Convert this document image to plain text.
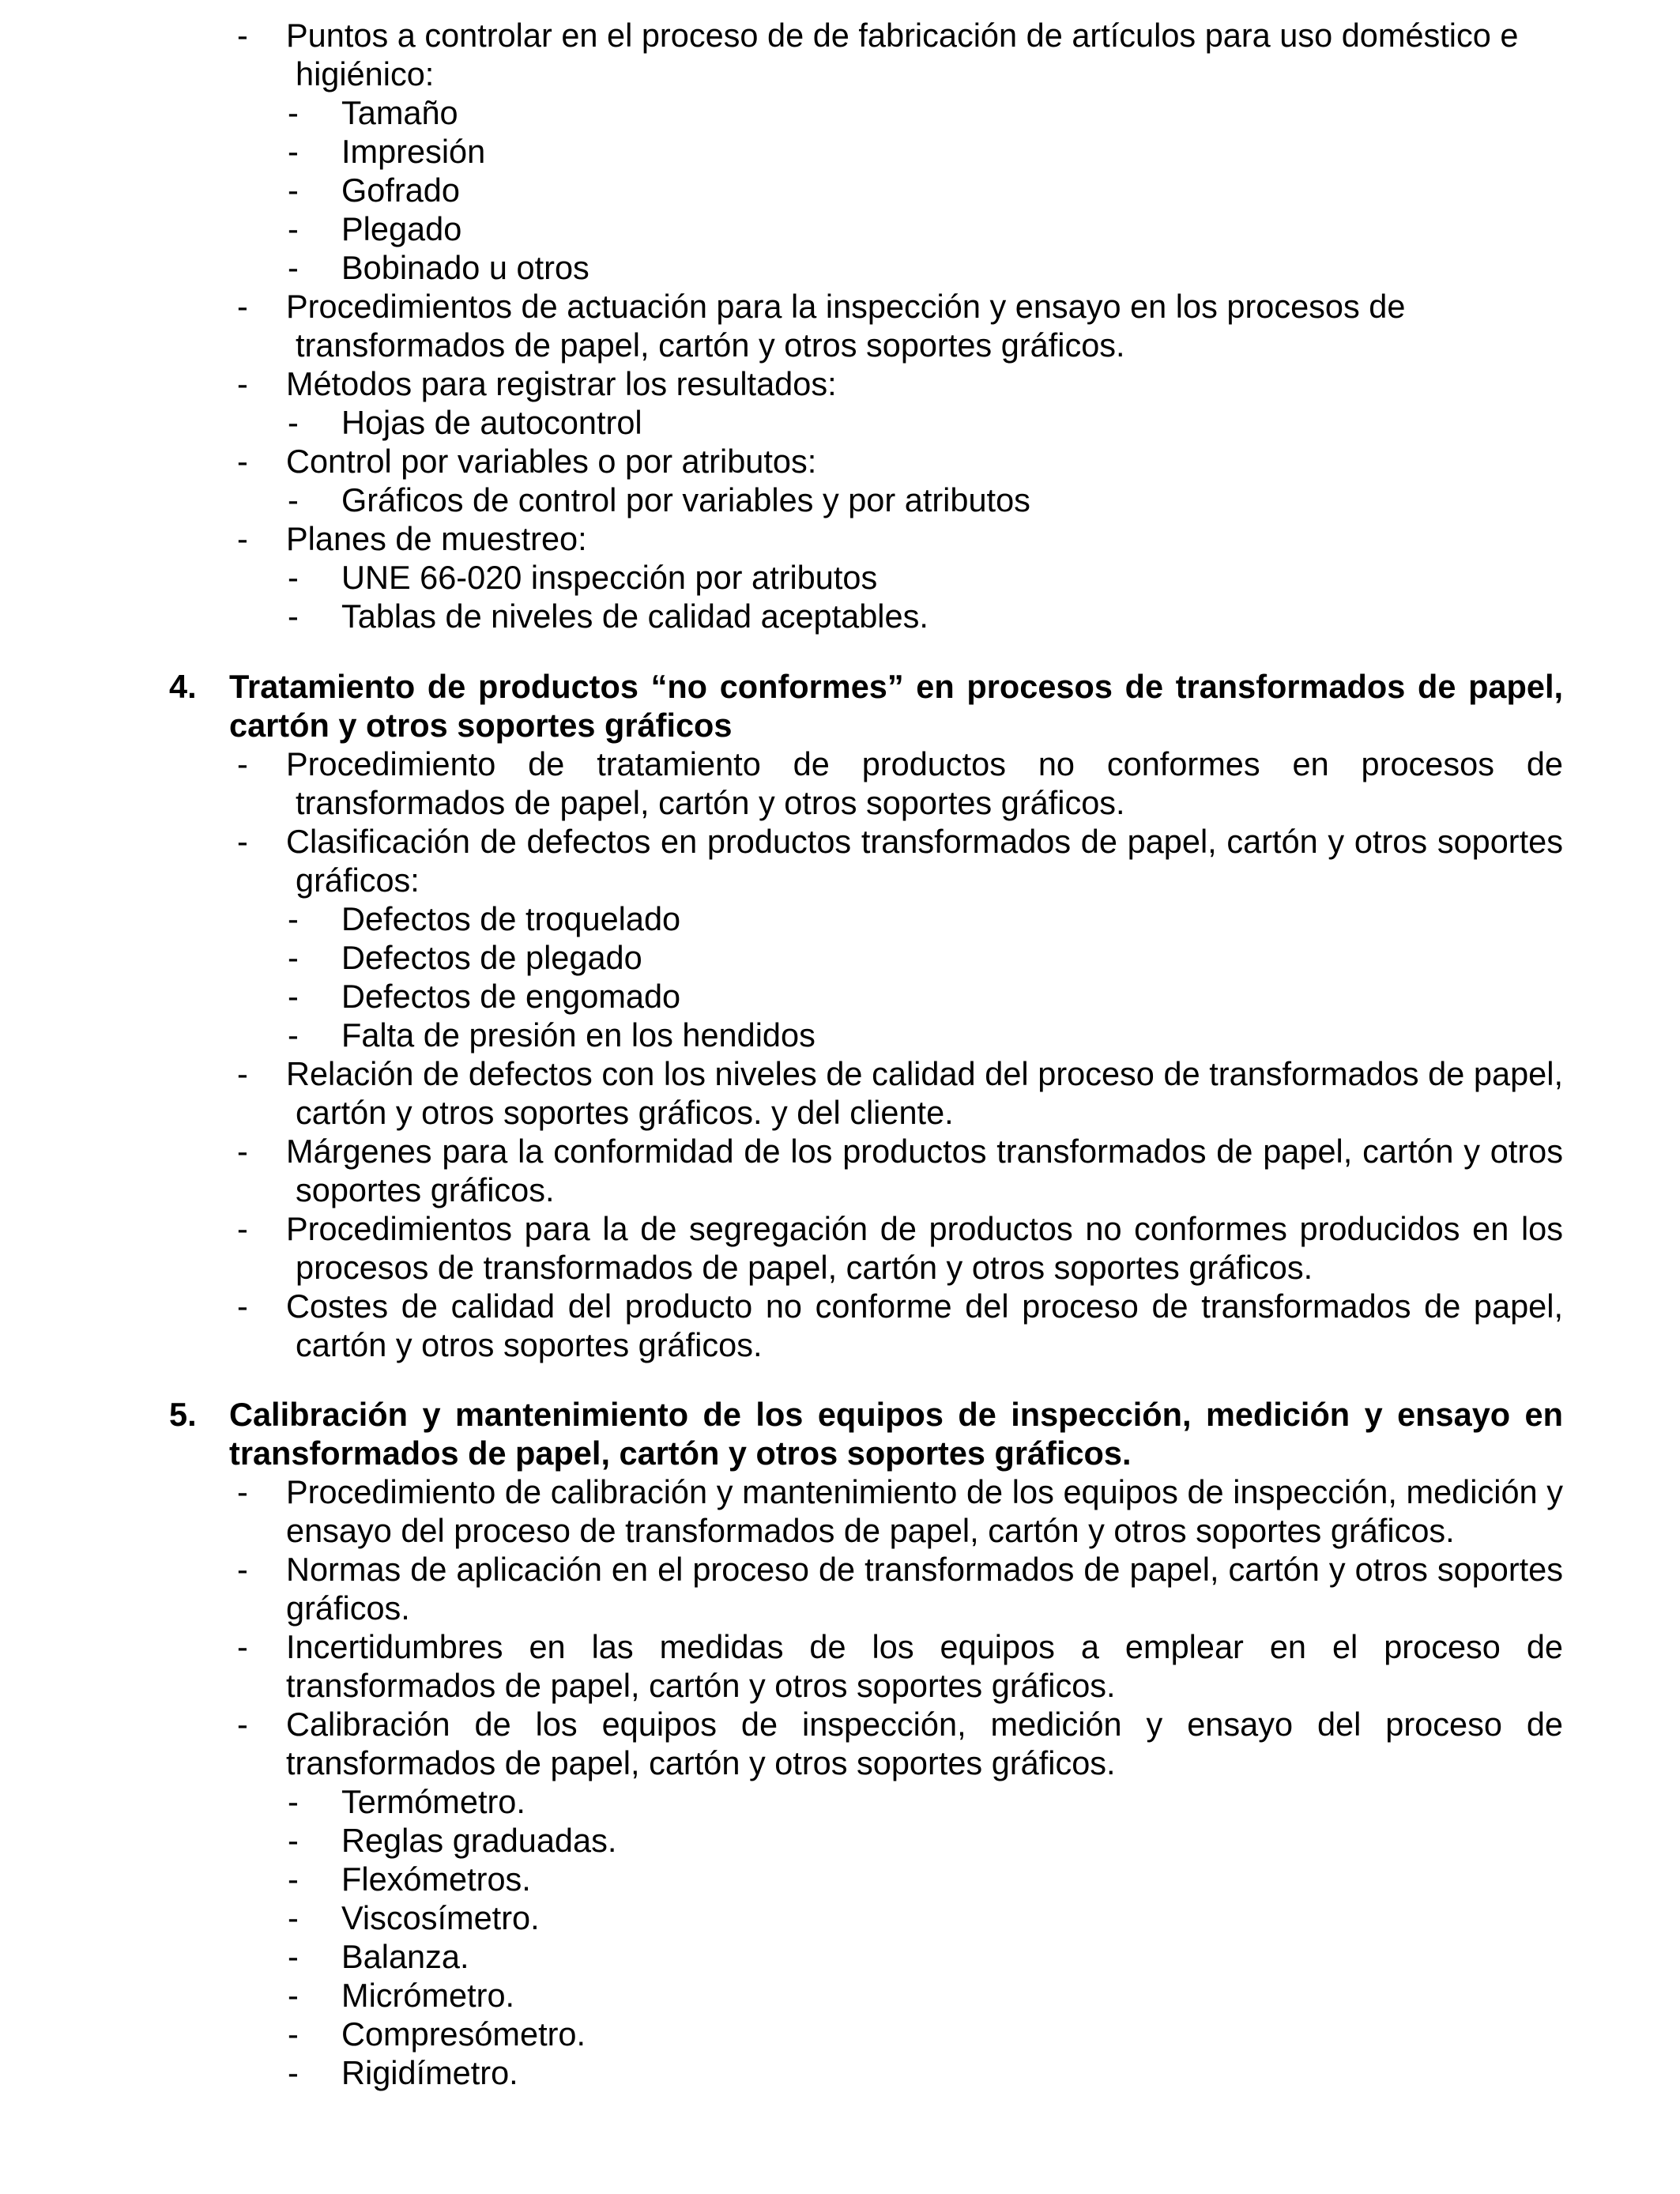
- Puntos a controlar en el proceso de de fabricación de artículos para uso doméstico e higiénico:
- Tamaño
- Impresión
- Gofrado
- Plegado
- Bobinado u otros
- Procedimientos de actuación para la inspección y ensayo en los procesos de transformados de papel, cartón y otros soportes gráficos.
- Métodos para registrar los resultados:
- Hojas de autocontrol
- Control por variables o por atributos:
- Gráficos de control por variables y por atributos
- Planes de muestreo:
- UNE 66-020 inspección por atributos
- Tablas de niveles de calidad aceptables.
4. Tratamiento de productos “no conformes” en procesos de transformados de papel, cartón y otros soportes gráficos
- Procedimiento de tratamiento de productos no conformes en procesos de transformados de papel, cartón y otros soportes gráficos.
- Clasificación de defectos en productos transformados de papel, cartón y otros soportes gráficos:
- Defectos de troquelado
- Defectos de plegado
- Defectos de engomado
- Falta de presión en los hendidos
- Relación de defectos con los niveles de calidad del proceso de transformados de papel, cartón y otros soportes gráficos. y del cliente.
- Márgenes para la conformidad de los productos transformados de papel, cartón y otros soportes gráficos.
- Procedimientos para la de segregación de productos no conformes producidos en los procesos de transformados de papel, cartón y otros soportes gráficos.
- Costes de calidad del producto no conforme del proceso de transformados de papel, cartón y otros soportes gráficos.
5. Calibración y mantenimiento de los equipos de inspección, medición y ensayo en transformados de papel, cartón y otros soportes gráficos.
- Procedimiento de calibración y mantenimiento de los equipos de inspección, medición y ensayo del proceso de transformados de papel, cartón y otros soportes gráficos.
- Normas de aplicación en el proceso de transformados de papel, cartón y otros soportes gráficos.
- Incertidumbres en las medidas de los equipos a emplear en el proceso de transformados de papel, cartón y otros soportes gráficos.
- Calibración de los equipos de inspección, medición y ensayo del proceso de transformados de papel, cartón y otros soportes gráficos.
- Termómetro.
- Reglas graduadas.
- Flexómetros.
- Viscosímetro.
- Balanza.
- Micrómetro.
- Compresómetro.
- Rigidímetro.
